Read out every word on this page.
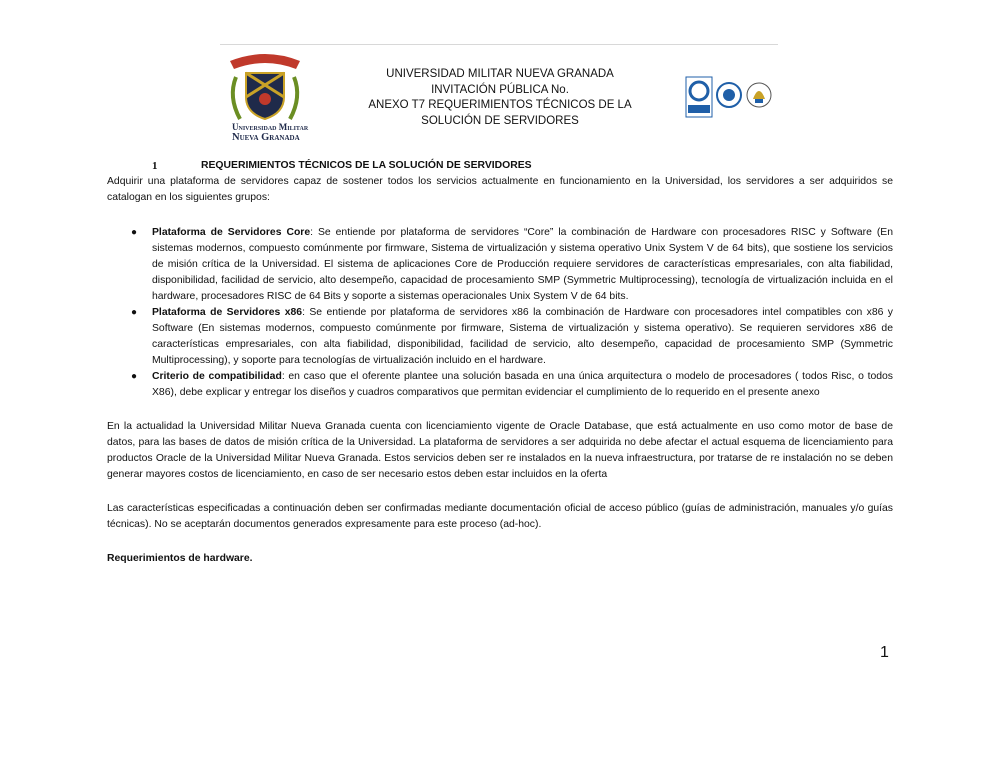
Universidad Militar
Nueva Granada
UNIVERSIDAD MILITAR NUEVA GRANADA
INVITACIÓN PÚBLICA No.
ANEXO T7 REQUERIMIENTOS TÉCNICOS DE LA
SOLUCIÓN DE SERVIDORES
1	REQUERIMIENTOS TÉCNICOS DE LA SOLUCIÓN DE SERVIDORES

Adquirir una plataforma de servidores capaz de sostener todos los servicios actualmente en funcionamiento en la Universidad, los servidores a ser adquiridos se catalogan en los siguientes grupos:

● Plataforma de Servidores Core: Se entiende por plataforma de servidores “Core” la combinación de Hardware con procesadores RISC y Software (En sistemas modernos, compuesto comúnmente por firmware, Sistema de virtualización y sistema operativo Unix System V de 64 bits), que sostiene los servicios de misión crítica de la Universidad. El sistema de aplicaciones Core de Producción requiere servidores de características empresariales, con alta fiabilidad, disponibilidad, facilidad de servicio, alto desempeño, capacidad de procesamiento SMP (Symmetric Multiprocessing), tecnología de virtualización incluida en el hardware, procesadores RISC de 64 Bits y soporte a sistemas operacionales Unix System V de 64 bits.
● Plataforma de Servidores x86: Se entiende por plataforma de servidores x86 la combinación de Hardware con procesadores intel compatibles con x86 y Software (En sistemas modernos, compuesto comúnmente por firmware, Sistema de virtualización y sistema operativo). Se requieren servidores x86 de características empresariales, con alta fiabilidad, disponibilidad, facilidad de servicio, alto desempeño, capacidad de procesamiento SMP (Symmetric Multiprocessing), y soporte para tecnologías de virtualización incluido en el hardware.
● Criterio de compatibilidad: en caso que el oferente plantee una solución basada en una única arquitectura o modelo de procesadores ( todos Risc, o todos X86), debe explicar y entregar los diseños y cuadros comparativos que permitan evidenciar el cumplimiento de lo requerido en el presente anexo

En la actualidad la Universidad Militar Nueva Granada cuenta con licenciamiento vigente de Oracle Database, que está actualmente en uso como motor de base de datos, para las bases de datos de misión crítica de la Universidad. La plataforma de servidores a ser adquirida no debe afectar el actual esquema de licenciamiento para productos Oracle de la Universidad Militar Nueva Granada. Estos servicios deben ser re instalados en la nueva infraestructura, por tratarse de re instalación no se deben generar mayores costos de licenciamiento, en caso de ser necesario estos deben estar incluidos en la oferta

Las características especificadas a continuación deben ser confirmadas mediante documentación oficial de acceso público (guías de administración, manuales y/o guías técnicas). No se aceptarán documentos generados expresamente para este proceso (ad-hoc).

Requerimientos de hardware.

1
